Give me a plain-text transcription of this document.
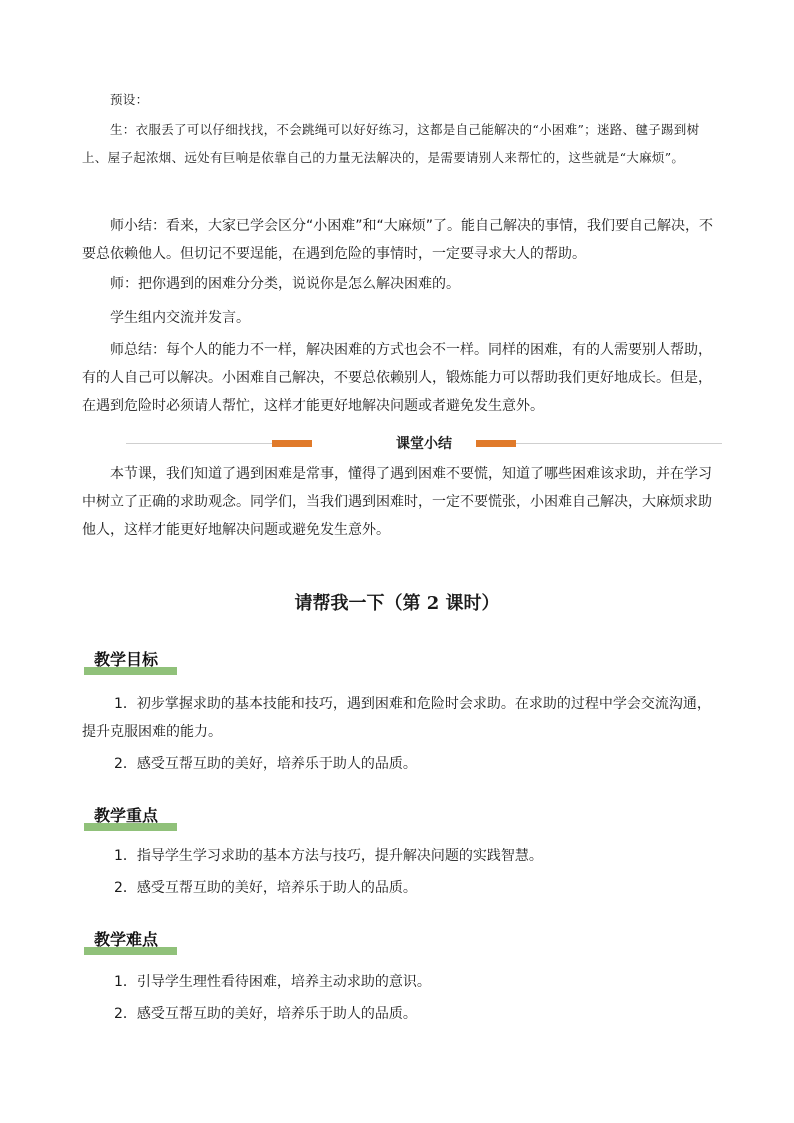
预设：

生：衣服丢了可以仔细找找，不会跳绳可以好好练习，这都是自己能解决的“小困难”；迷路、毽子踢到树上、屋子起浓烟、远处有巨响是依靠自己的力量无法解决的，是需要请别人来帮忙的，这些就是“大麻烦”。

师小结：看来，大家已学会区分“小困难”和“大麻烦”了。能自己解决的事情，我们要自己解决，不要总依赖他人。但切记不要逞能，在遇到危险的事情时，一定要寻求大人的帮助。

师：把你遇到的困难分分类，说说你是怎么解决困难的。

学生组内交流并发言。

师总结：每个人的能力不一样，解决困难的方式也会不一样。同样的困难，有的人需要别人帮助，有的人自己可以解决。小困难自己解决，不要总依赖别人，锻炼能力可以帮助我们更好地成长。但是，在遇到危险时必须请人帮忙，这样才能更好地解决问题或者避免发生意外。

课堂小结

本节课，我们知道了遇到困难是常事，懂得了遇到困难不要慌，知道了哪些困难该求助，并在学习中树立了正确的求助观念。同学们，当我们遇到困难时，一定不要慌张，小困难自己解决，大麻烦求助他人，这样才能更好地解决问题或避免发生意外。

请帮我一下（第 2 课时）
教学目标

1．初步掌握求助的基本技能和技巧，遇到困难和危险时会求助。在求助的过程中学会交流沟通，提升克服困难的能力。

2．感受互帮互助的美好，培养乐于助人的品质。

教学重点

1．指导学生学习求助的基本方法与技巧，提升解决问题的实践智慧。

2．感受互帮互助的美好，培养乐于助人的品质。

教学难点

1．引导学生理性看待困难，培养主动求助的意识。

2．感受互帮互助的美好，培养乐于助人的品质。
